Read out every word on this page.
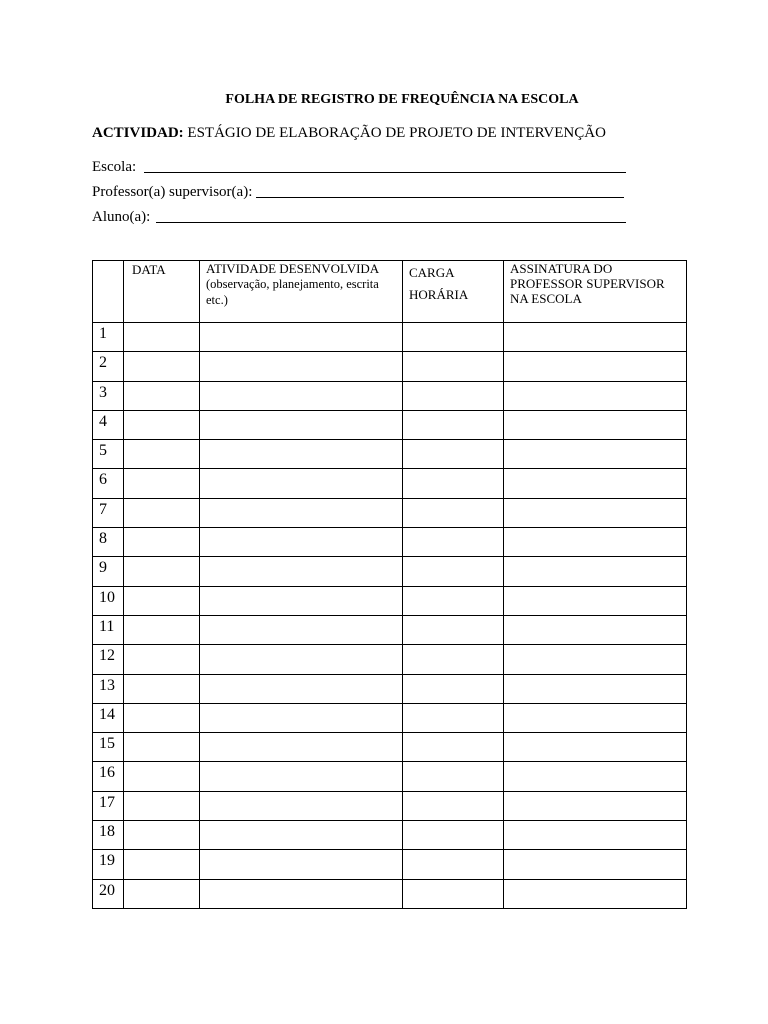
FOLHA DE REGISTRO DE FREQUÊNCIA NA ESCOLA
ACTIVIDAD: ESTÁGIO DE ELABORAÇÃO DE PROJETO DE INTERVENÇÃO
Escola:
Professor(a) supervisor(a):
Aluno(a):
	DATA	ATIVIDADE DESENVOLVIDA (observação, planejamento, escrita etc.)	CARGA
HORÁRIA	ASSINATURA DO PROFESSOR SUPERVISOR NA ESCOLA
1				
2				
3				
4				
5				
6				
7				
8				
9				
10				
11				
12				
13				
14				
15				
16				
17				
18				
19				
20				
